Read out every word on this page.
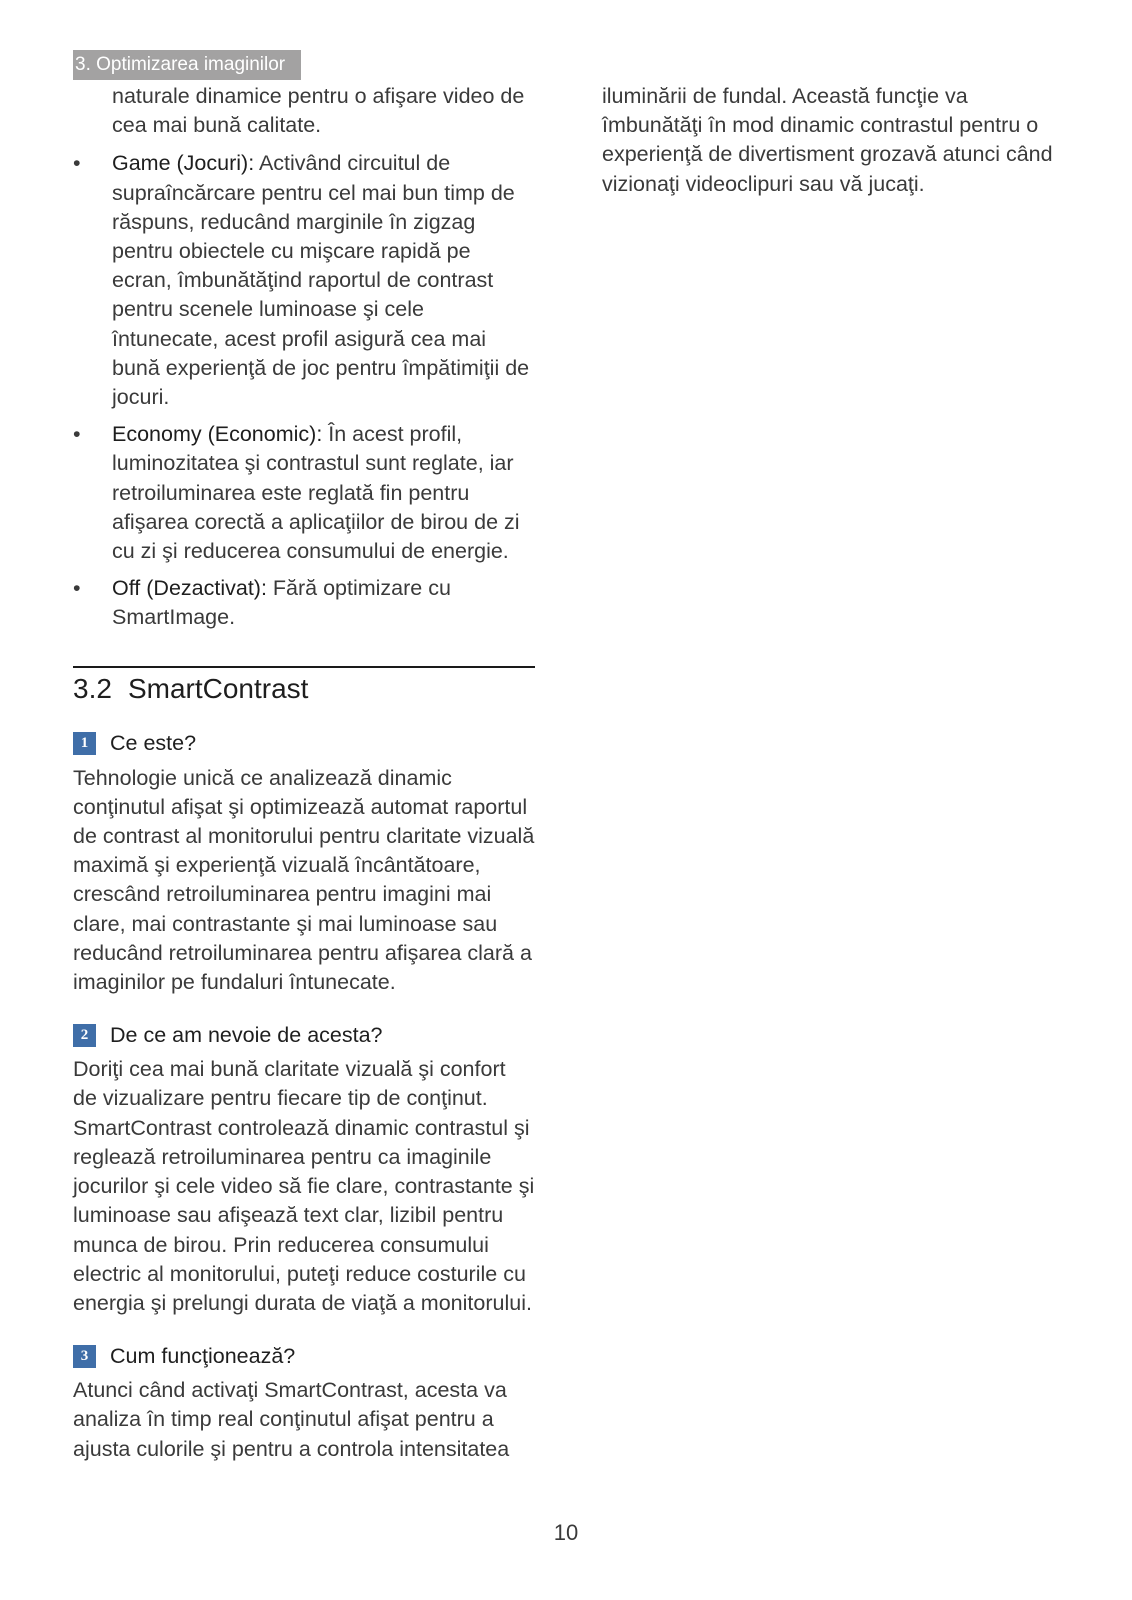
3. Optimizarea imaginilor

naturale dinamice pentru o afişare video de cea mai bună calitate.

• Game (Jocuri): Activând circuitul de supraîncărcare pentru cel mai bun timp de răspuns, reducând marginile în zigzag pentru obiectele cu mişcare rapidă pe ecran, îmbunătăţind raportul de contrast pentru scenele luminoase şi cele întunecate, acest profil asigură cea mai bună experienţă de joc pentru împătimiţii de jocuri.
• Economy (Economic): În acest profil, luminozitatea şi contrastul sunt reglate, iar retroiluminarea este reglată fin pentru afişarea corectă a aplicaţiilor de birou de zi cu zi şi reducerea consumului de energie.
• Off (Dezactivat): Fără optimizare cu SmartImage.
3.2 SmartContrast
1	Ce este?

Tehnologie unică ce analizează dinamic conţinutul afişat şi optimizează automat raportul de contrast al monitorului pentru claritate vizuală maximă şi experienţă vizuală încântătoare, crescând retroiluminarea pentru imagini mai clare, mai contrastante şi mai luminoase sau reducând retroiluminarea pentru afişarea clară a imaginilor pe fundaluri întunecate.

2	De ce am nevoie de acesta?

Doriţi cea mai bună claritate vizuală şi confort de vizualizare pentru fiecare tip de conţinut. SmartContrast controlează dinamic contrastul şi reglează retroiluminarea pentru ca imaginile jocurilor şi cele video să fie clare, contrastante şi luminoase sau afişează text clar, lizibil pentru munca de birou. Prin reducerea consumului electric al monitorului, puteţi reduce costurile cu energia şi prelungi durata de viaţă a monitorului.

3	Cum funcţionează?

Atunci când activaţi SmartContrast, acesta va analiza în timp real conţinutul afişat pentru a ajusta culorile şi pentru a controla intensitatea

iluminării de fundal. Această funcţie va îmbunătăţi în mod dinamic contrastul pentru o experienţă de divertisment grozavă atunci când vizionaţi videoclipuri sau vă jucaţi.

10
